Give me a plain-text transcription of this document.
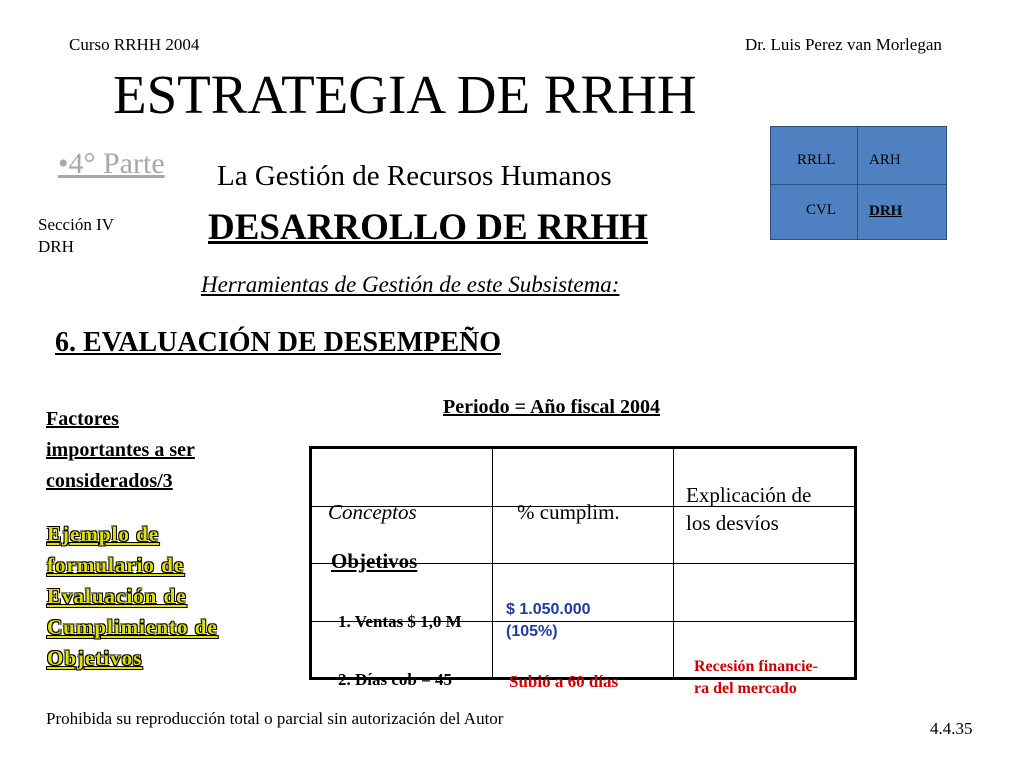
Curso RRHH 2004	Dr. Luis Perez van Morlegan
ESTRATEGIA DE RRHH
•4° Parte La Gestión de Recursos Humanos
Sección IV
DRH	DESARROLLO DE RRHH
Herramientas de Gestión de este Subsistema:
6. EVALUACIÓN DE DESEMPEÑO
Periodo = Año fiscal 2004
Factores
importantes a ser
considerados/3
Ejemplo de
formulario de
Evaluación de
Cumplimiento de
Objetivos
RRLL ARH
CVL DRH
Conceptos	% cumplim.	Explicación de
los desvíos

Objetivos		

1. Ventas $ 1,0 M	$ 1.050.000
(105%)	

2. Días cob = 45	Subió a 60 días	Recesión financie-
ra del mercado
Prohibida su reproducción total o parcial sin autorización del Autor
4.4.35
